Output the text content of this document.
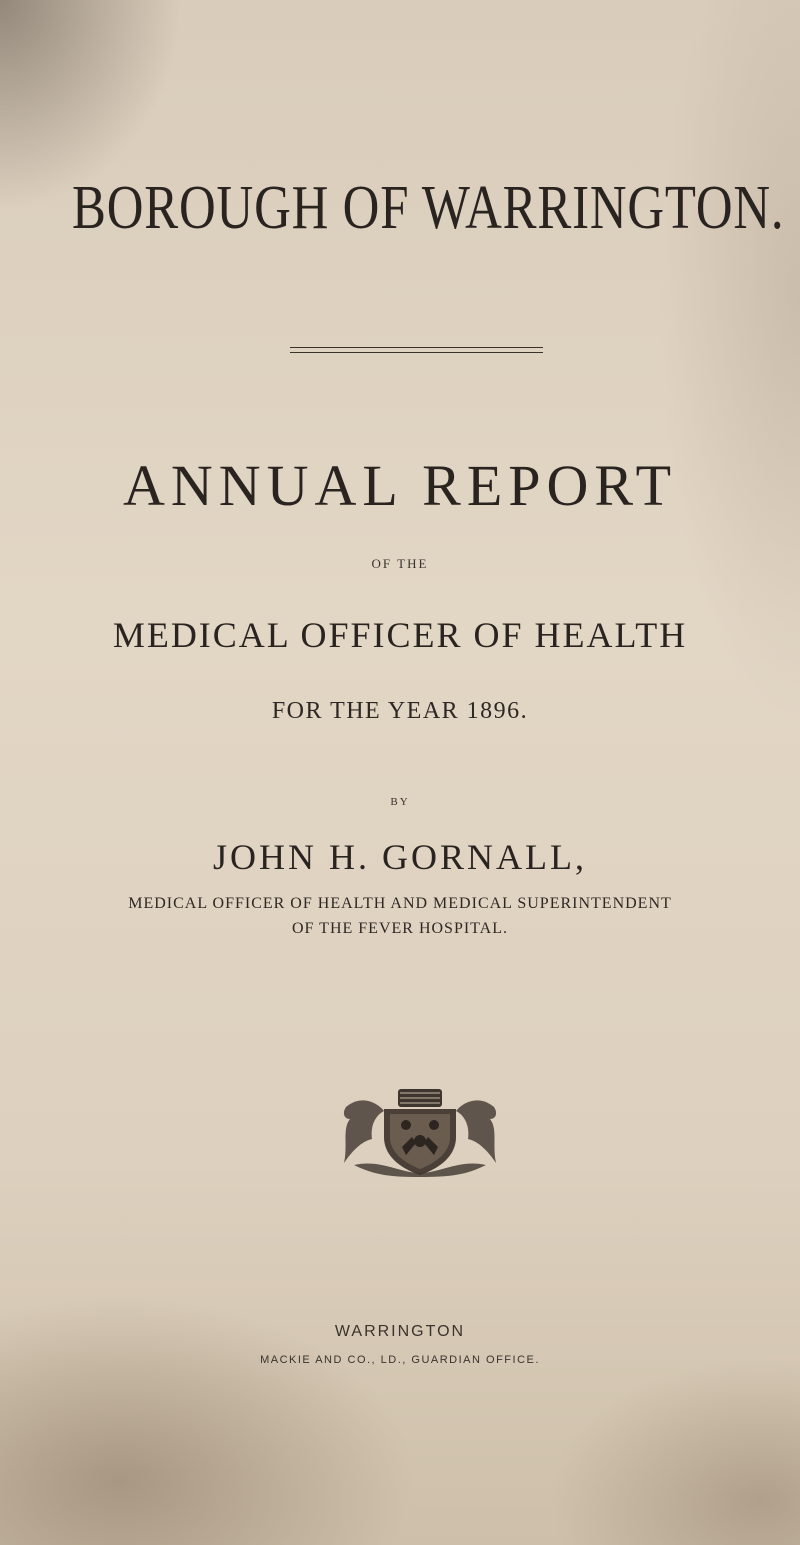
BOROUGH OF WARRINGTON.
ANNUAL REPORT
OF THE
MEDICAL OFFICER OF HEALTH
FOR THE YEAR 1896.
BY
JOHN H. GORNALL,
MEDICAL OFFICER OF HEALTH AND MEDICAL SUPERINTENDENT
OF THE FEVER HOSPITAL.
WARRINGTON
MACKIE AND CO., LD., GUARDIAN OFFICE.
